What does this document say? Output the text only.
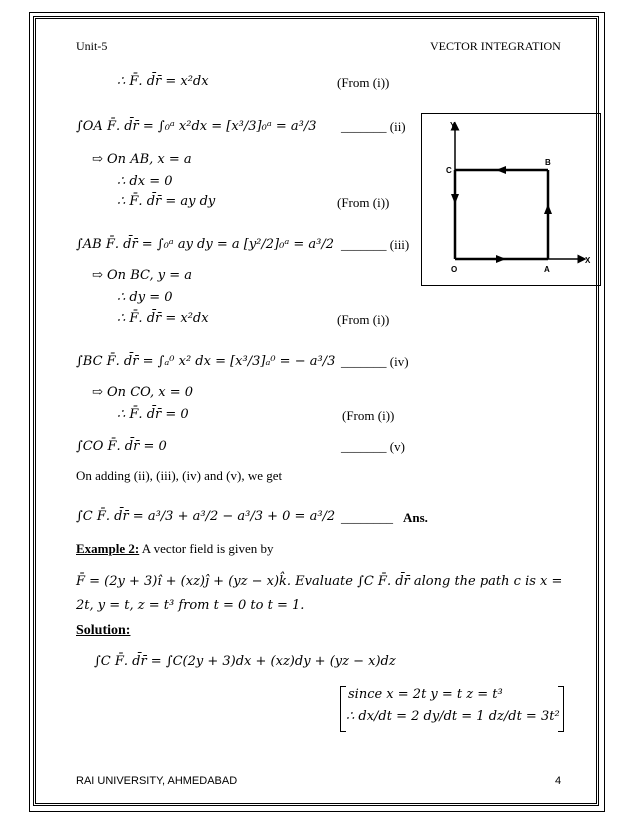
Unit-5	VECTOR INTEGRATION
∴ F̄. d̄r̄ = x²dx	(From (i))
∫OA F̄. d̄r̄ = ∫₀ᵃ x²dx = [x³/3]₀ᵃ = a³/3 _______ (ii)
⇨ On AB, x = a
∴ dx = 0
∴ F̄. d̄r̄ = ay dy	(From (i))
∫AB F̄. d̄r̄ = ∫₀ᵃ ay dy = a [y²/2]₀ᵃ = a³/2 _______ (iii)
⇨ On BC, y = a
∴ dy = 0
∴ F̄. d̄r̄ = x²dx	(From (i))
∫BC F̄. d̄r̄ = ∫ₐ⁰ x² dx = [x³/3]ₐ⁰ = − a³/3 _______ (iv)
⇨ On CO, x = 0
∴ F̄. d̄r̄ = 0	(From (i))
∫CO F̄. d̄r̄ = 0	_______ (v)
On adding (ii), (iii), (iv) and (v), we get
∫C F̄. d̄r̄ = a³/3 + a³/2 − a³/3 + 0 = a³/2 ________ Ans.
Example 2: A vector field is given by
F̄ = (2y + 3)î + (xz)ĵ + (yz − x)k̂. Evaluate ∫C F̄. d̄r̄ along the path c is x =
2t, y = t, z = t³ from t = 0 to t = 1.
Solution:
∫C F̄. d̄r̄ = ∫C(2y + 3)dx + (xz)dy + (yz − x)dz
since x = 2t y = t z = t³
∴ dx/dt = 2 dy/dt = 1 dz/dt = 3t²
Y
X
O	A
B
C
RAI UNIVERSITY, AHMEDABAD	4
